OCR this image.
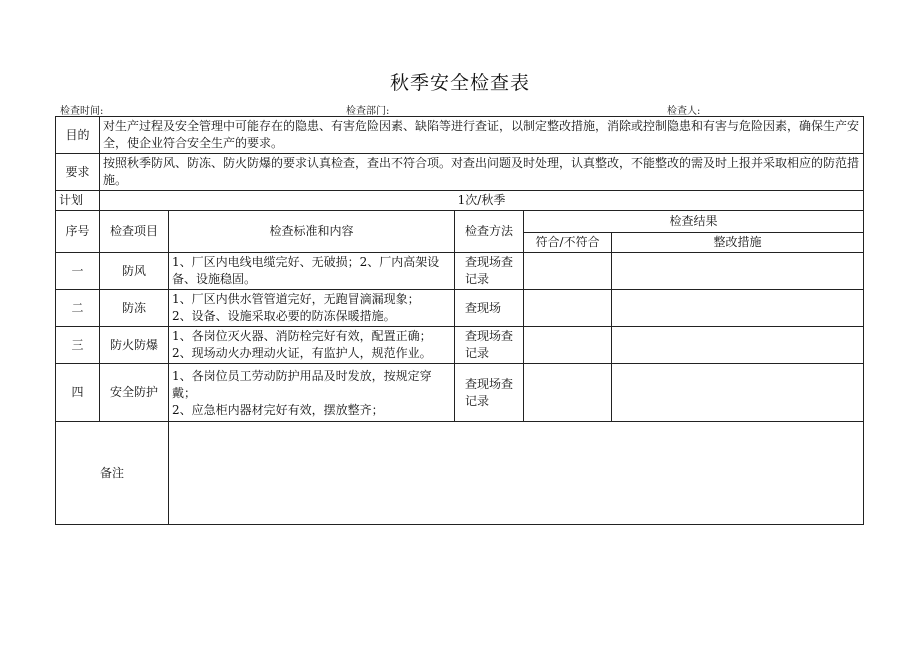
秋季安全检查表
检查时间:	检查部门:	检查人:
目的	对生产过程及安全管理中可能存在的隐患、有害危险因素、缺陷等进行查证，以制定整改措施，消除或控制隐患和有害与危险因素，确保生产安全，使企业符合安全生产的要求。				
要求	按照秋季防风、防冻、防火防爆的要求认真检查，查出不符合项。对查出问题及时处理，认真整改，不能整改的需及时上报并采取相应的防范措施。				
计划	1次/秋季				
序号	检查项目	检查标准和内容	检查方法	检查结果	
				符合/不符合	整改措施
一	防风	1、厂区内电线电缆完好、无破损；2、厂内高架设备、设施稳固。	查现场查记录		
二	防冻	1、厂区内供水管管道完好，无跑冒滴漏现象；
2、设备、设施采取必要的防冻保暖措施。	查现场		
三	防火防爆	1、各岗位灭火器、消防栓完好有效，配置正确；
2、现场动火办理动火证，有监护人，规范作业。	查现场查记录		
四	安全防护	1、各岗位员工劳动防护用品及时发放，按规定穿戴；
2、应急柜内器材完好有效，摆放整齐；	查现场查记录		
备注					
